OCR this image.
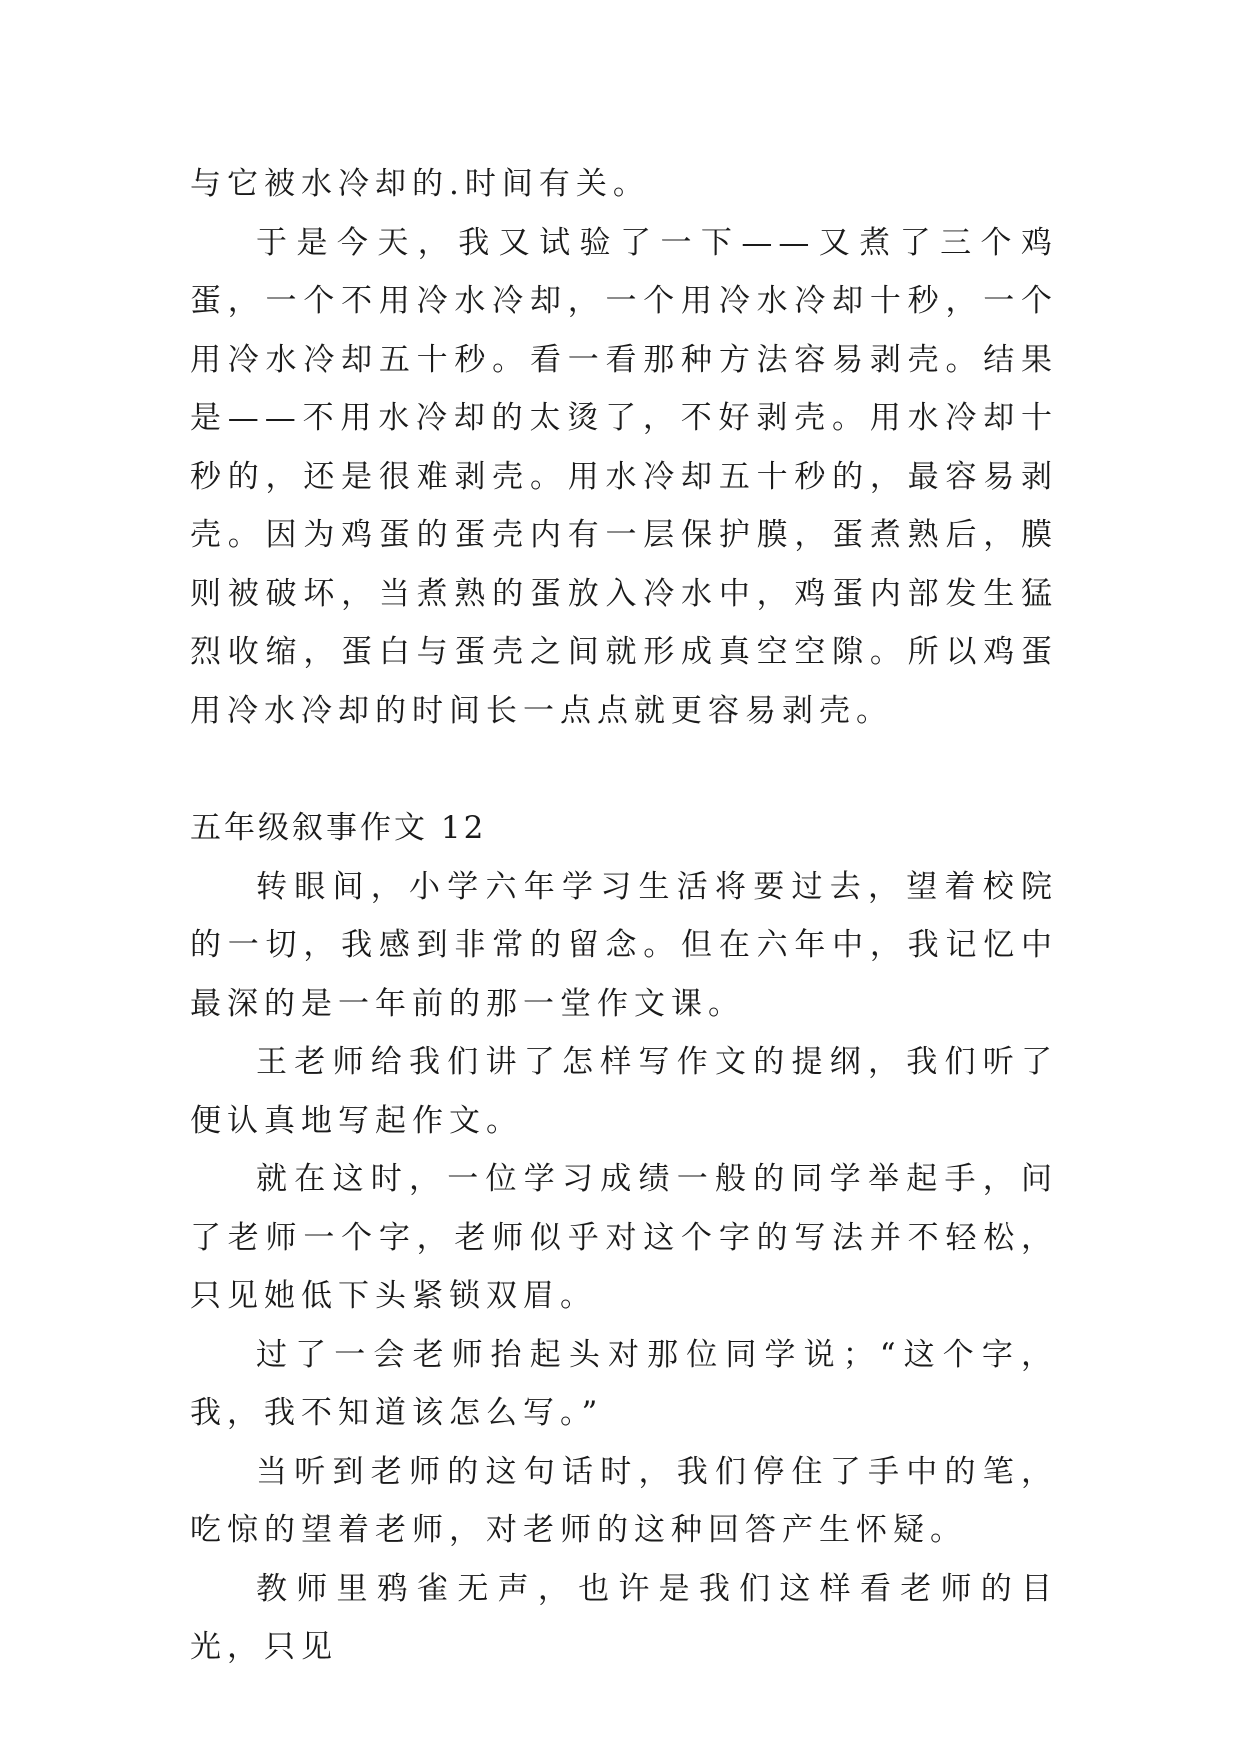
与它被水冷却的.时间有关。

于是今天，我又试验了一下——又煮了三个鸡蛋，一个不用冷水冷却，一个用冷水冷却十秒，一个用冷水冷却五十秒。看一看那种方法容易剥壳。结果是——不用水冷却的太烫了，不好剥壳。用水冷却十秒的，还是很难剥壳。用水冷却五十秒的，最容易剥壳。因为鸡蛋的蛋壳内有一层保护膜，蛋煮熟后，膜则被破坏，当煮熟的蛋放入冷水中，鸡蛋内部发生猛烈收缩，蛋白与蛋壳之间就形成真空空隙。所以鸡蛋用冷水冷却的时间长一点点就更容易剥壳。

五年级叙事作文 12

转眼间，小学六年学习生活将要过去，望着校院的一切，我感到非常的留念。但在六年中，我记忆中最深的是一年前的那一堂作文课。

王老师给我们讲了怎样写作文的提纲，我们听了便认真地写起作文。

就在这时，一位学习成绩一般的同学举起手，问了老师一个字，老师似乎对这个字的写法并不轻松，只见她低下头紧锁双眉。

过了一会老师抬起头对那位同学说；“这个字，我，我不知道该怎么写。”

当听到老师的这句话时，我们停住了手中的笔，吃惊的望着老师，对老师的这种回答产生怀疑。

教师里鸦雀无声，也许是我们这样看老师的目光，只见
